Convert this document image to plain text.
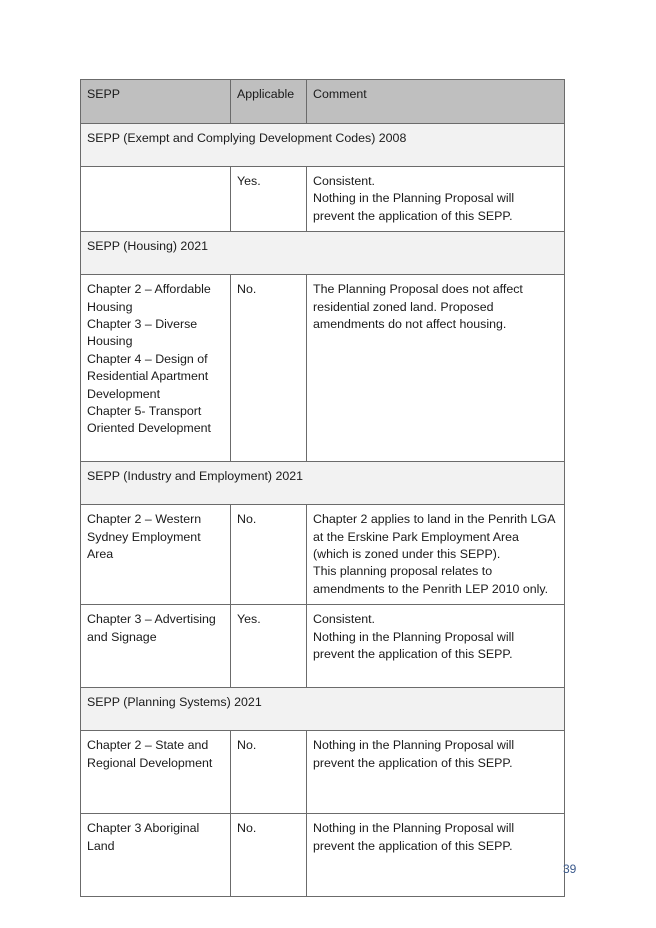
SEPP	Applicable	Comment
SEPP (Exempt and Complying Development Codes) 2008		

	Yes.	Consistent.
Nothing in the Planning Proposal will prevent the application of this SEPP.

SEPP (Housing) 2021		

Chapter 2 – Affordable Housing
Chapter 3 – Diverse Housing
Chapter 4 – Design of Residential Apartment Development
Chapter 5- Transport Oriented Development	No.	The Planning Proposal does not affect residential zoned land. Proposed amendments do not affect housing.

SEPP (Industry and Employment) 2021		

Chapter 2 – Western Sydney Employment Area	No.	Chapter 2 applies to land in the Penrith LGA at the Erskine Park Employment Area (which is zoned under this SEPP).
This planning proposal relates to amendments to the Penrith LEP 2010 only.

Chapter 3 – Advertising and Signage	Yes.	Consistent.
Nothing in the Planning Proposal will prevent the application of this SEPP.

SEPP (Planning Systems) 2021		

Chapter 2 – State and Regional Development	No.	Nothing in the Planning Proposal will prevent the application of this SEPP.

Chapter 3 Aboriginal Land	No.	Nothing in the Planning Proposal will prevent the application of this SEPP.
39
